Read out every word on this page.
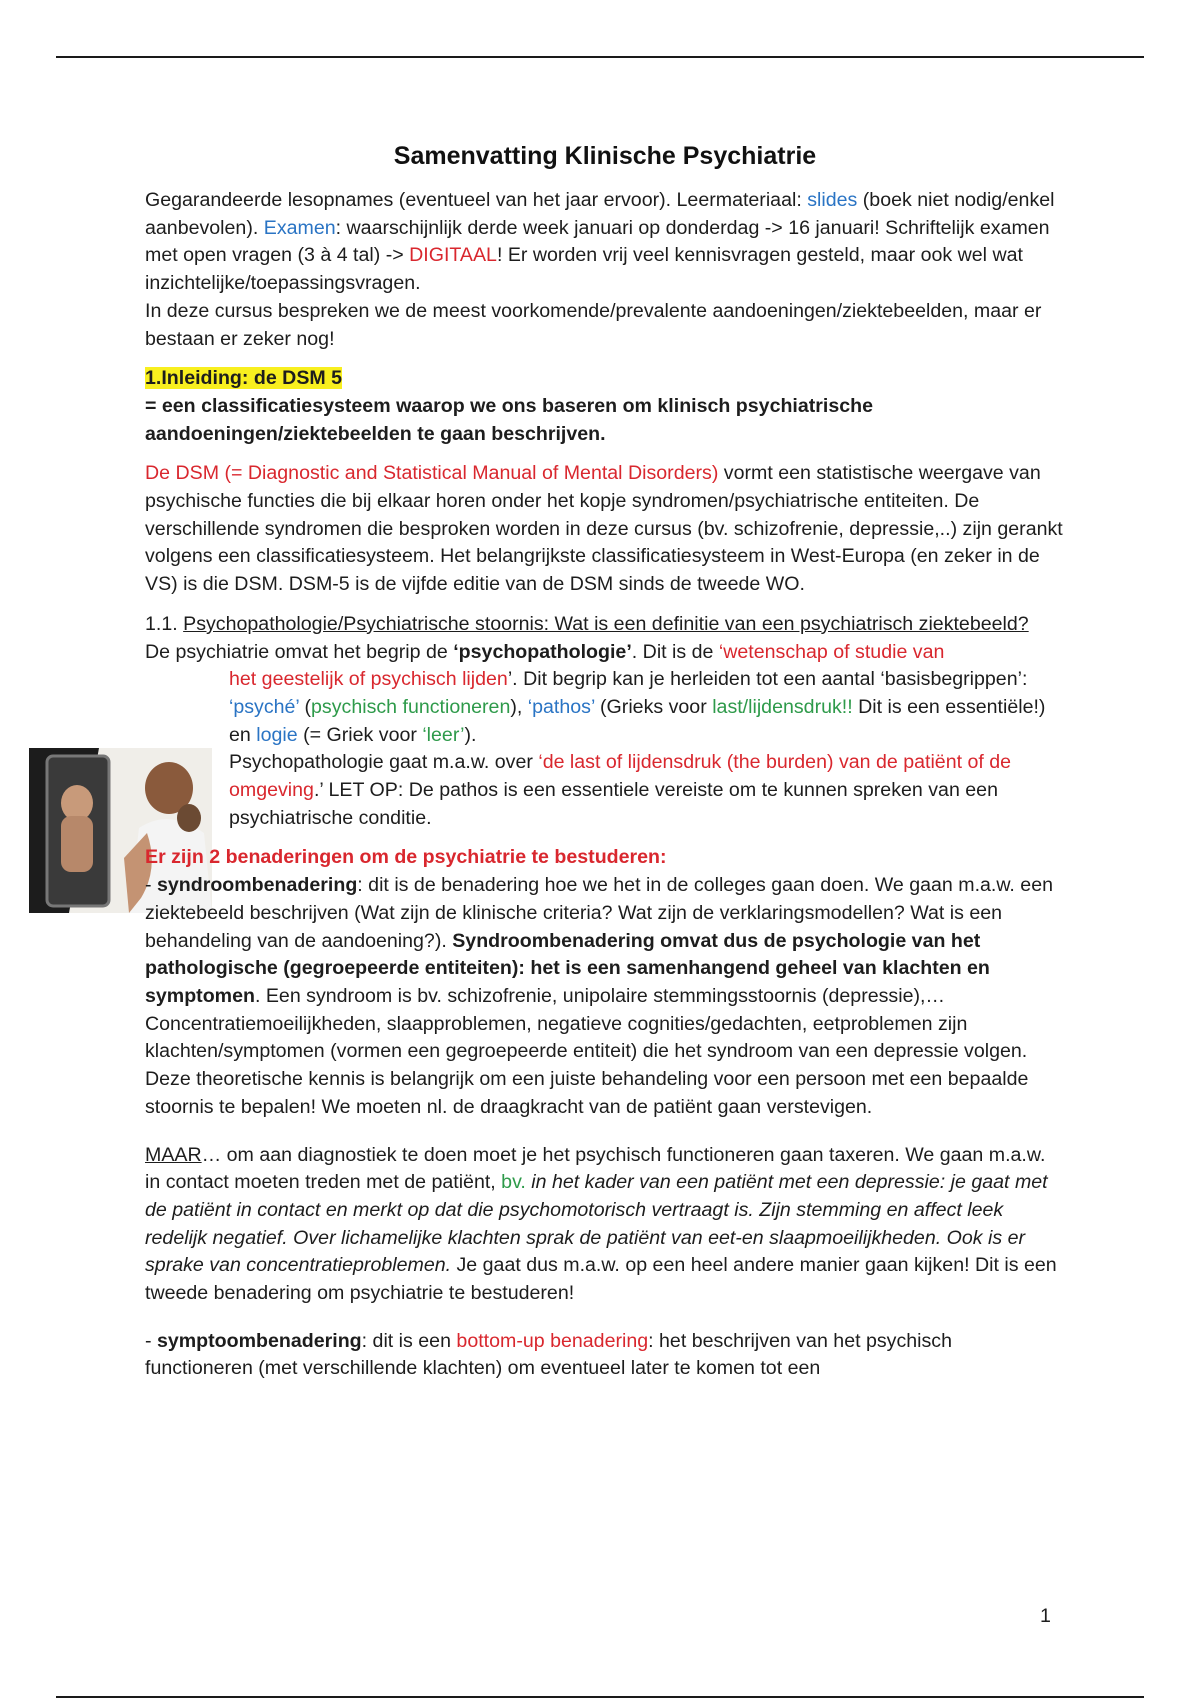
Samenvatting Klinische Psychiatrie

Gegarandeerde lesopnames (eventueel van het jaar ervoor). Leermateriaal: slides (boek niet nodig/enkel aanbevolen). Examen: waarschijnlijk derde week januari op donderdag -> 16 januari! Schriftelijk examen met open vragen (3 à 4 tal) -> DIGITAAL! Er worden vrij veel kennisvragen gesteld, maar ook wel wat inzichtelijke/toepassingsvragen.

In deze cursus bespreken we de meest voorkomende/prevalente aandoeningen/ziektebeelden, maar er bestaan er zeker nog!

1.Inleiding: de DSM 5

= een classificatiesysteem waarop we ons baseren om klinisch psychiatrische aandoeningen/ziektebeelden te gaan beschrijven.

De DSM (= Diagnostic and Statistical Manual of Mental Disorders) vormt een statistische weergave van psychische functies die bij elkaar horen onder het kopje syndromen/psychiatrische entiteiten. De verschillende syndromen die besproken worden in deze cursus (bv. schizofrenie, depressie,..) zijn gerankt volgens een classificatiesysteem. Het belangrijkste classificatiesysteem in West-Europa (en zeker in de VS) is die DSM. DSM-5 is de vijfde editie van de DSM sinds de tweede WO.

1.1. Psychopathologie/Psychiatrische stoornis: Wat is een definitie van een psychiatrisch ziektebeeld?

De psychiatrie omvat het begrip de ‘psychopathologie’. Dit is de ‘wetenschap of studie van

het geestelijk of psychisch lijden’. Dit begrip kan je herleiden tot een aantal ‘basisbegrippen’: ‘psyché’ (psychisch functioneren), ‘pathos’ (Grieks voor last/lijdensdruk!! Dit is een essentiële!) en logie (= Griek voor ‘leer’).

Psychopathologie gaat m.a.w. over ‘de last of lijdensdruk (the burden) van de patiënt of de omgeving.’ LET OP: De pathos is een essentiele vereiste om te kunnen spreken van een psychiatrische conditie.

Er zijn 2 benaderingen om de psychiatrie te bestuderen:

- syndroombenadering: dit is de benadering hoe we het in de colleges gaan doen. We gaan m.a.w. een ziektebeeld beschrijven (Wat zijn de klinische criteria? Wat zijn de verklaringsmodellen? Wat is een behandeling van de aandoening?). Syndroombenadering omvat dus de psychologie van het pathologische (gegroepeerde entiteiten): het is een samenhangend geheel van klachten en symptomen. Een syndroom is bv. schizofrenie, unipolaire stemmingsstoornis (depressie),… Concentratiemoeilijkheden, slaapproblemen, negatieve cognities/gedachten, eetproblemen zijn klachten/symptomen (vormen een gegroepeerde entiteit) die het syndroom van een depressie volgen.

Deze theoretische kennis is belangrijk om een juiste behandeling voor een persoon met een bepaalde stoornis te bepalen! We moeten nl. de draagkracht van de patiënt gaan verstevigen.

MAAR… om aan diagnostiek te doen moet je het psychisch functioneren gaan taxeren. We gaan m.a.w. in contact moeten treden met de patiënt, bv. in het kader van een patiënt met een depressie: je gaat met de patiënt in contact en merkt op dat die psychomotorisch vertraagt is. Zijn stemming en affect leek redelijk negatief. Over lichamelijke klachten sprak de patiënt van eet-en slaapmoeilijkheden. Ook is er sprake van concentratieproblemen. Je gaat dus m.a.w. op een heel andere manier gaan kijken! Dit is een tweede benadering om psychiatrie te bestuderen!

- symptoombenadering: dit is een bottom-up benadering: het beschrijven van het psychisch functioneren (met verschillende klachten) om eventueel later te komen tot een

1
